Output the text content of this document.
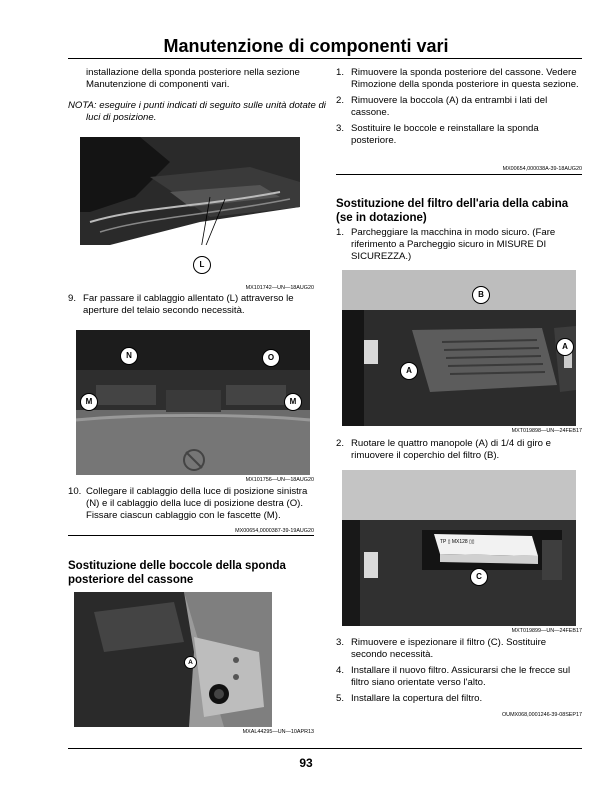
Manutenzione di componenti vari
installazione della sponda posteriore nella sezione Manutenzione di componenti vari.
NOTA: eseguire i punti indicati di seguito sulle unità dotate di luci di posizione.
L
MX101742—UN—18AUG20
9. Far passare il cablaggio allentato (L) attraverso le aperture del telaio secondo necessità.
N	O
M	M
MX101756—UN—18AUG20
10. Collegare il cablaggio della luce di posizione sinistra (N) e il cablaggio della luce di posizione destra (O). Fissare ciascun cablaggio con le fascette (M).
MX00654,0000387-39-19AUG20
Sostituzione delle boccole della sponda posteriore del cassone
A
MXAL44295—UN—10APR13
1. Rimuovere la sponda posteriore del cassone. Vedere Rimozione della sponda posteriore in questa sezione.
2. Rimuovere la boccola (A) da entrambi i lati del cassone.
3. Sostituire le boccole e reinstallare la sponda posteriore.
MX00654,000038A-39-18AUG20
Sostituzione del filtro dell'aria della cabina (se in dotazione)
1. Parcheggiare la macchina in modo sicuro. (Fare riferimento a Parcheggio sicuro in MISURE DI SICUREZZA.)
B
A
A
MXT019898—UN—24FEB17
2. Ruotare le quattro manopole (A) di 1/4 di giro e rimuovere il coperchio del filtro (B).
TP ▯ MX128 ▯▯
C
MXT019899—UN—24FEB17
3. Rimuovere e ispezionare il filtro (C). Sostituire secondo necessità.
4. Installare il nuovo filtro. Assicurarsi che le frecce sul filtro siano orientate verso l'alto.
5. Installare la copertura del filtro.
OUMX068,0001246-39-08SEP17
93
